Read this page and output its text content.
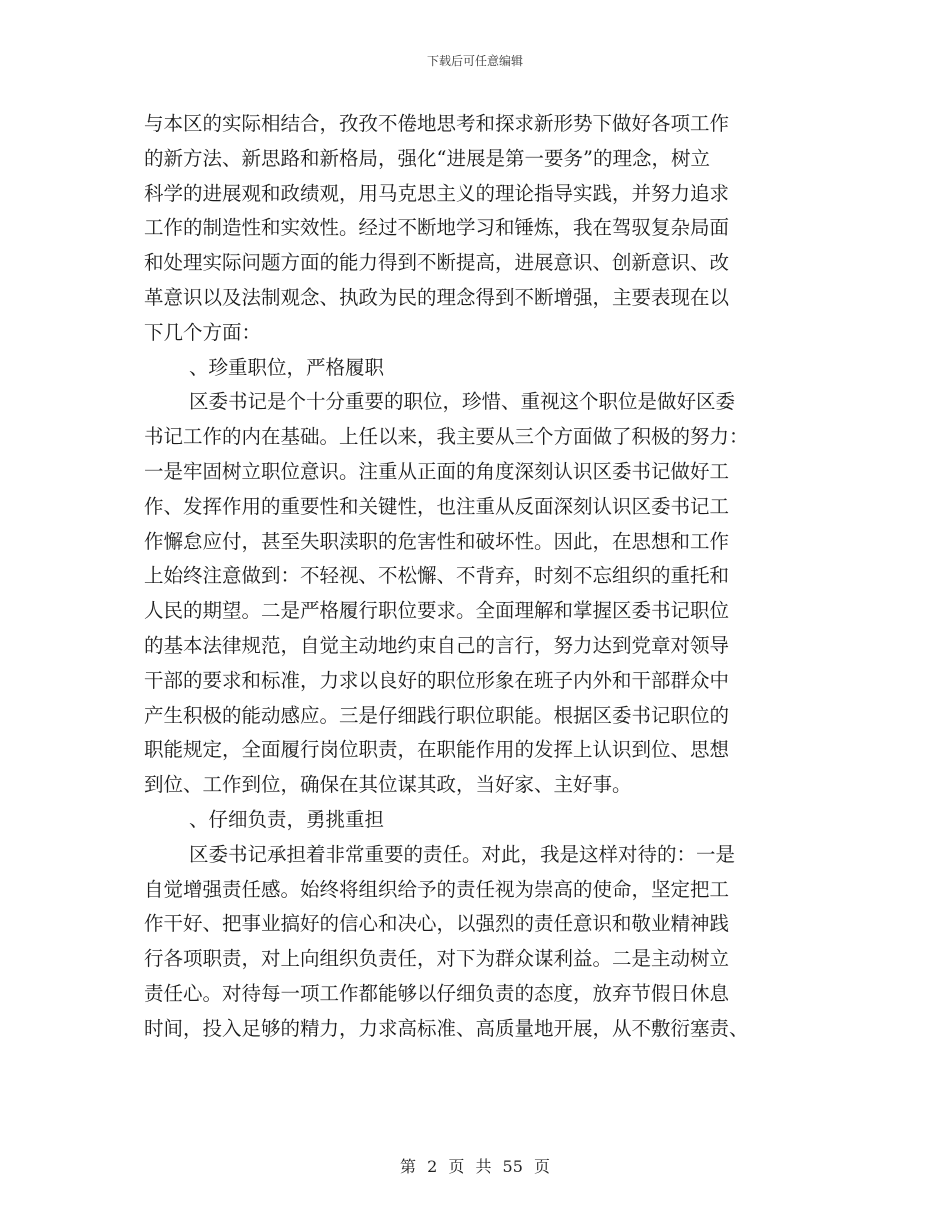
下载后可任意编辑
与本区的实际相结合，孜孜不倦地思考和探求新形势下做好各项工作
的新方法、新思路和新格局，强化“进展是第一要务”的理念，树立
科学的进展观和政绩观，用马克思主义的理论指导实践，并努力追求
工作的制造性和实效性。经过不断地学习和锤炼，我在驾驭复杂局面
和处理实际问题方面的能力得到不断提高，进展意识、创新意识、改
革意识以及法制观念、执政为民的理念得到不断增强，主要表现在以
下几个方面：
、珍重职位，严格履职
区委书记是个十分重要的职位，珍惜、重视这个职位是做好区委
书记工作的内在基础。上任以来，我主要从三个方面做了积极的努力：
一是牢固树立职位意识。注重从正面的角度深刻认识区委书记做好工
作、发挥作用的重要性和关键性，也注重从反面深刻认识区委书记工
作懈怠应付，甚至失职渎职的危害性和破坏性。因此，在思想和工作
上始终注意做到：不轻视、不松懈、不背弃，时刻不忘组织的重托和
人民的期望。二是严格履行职位要求。全面理解和掌握区委书记职位
的基本法律规范，自觉主动地约束自己的言行，努力达到党章对领导
干部的要求和标准，力求以良好的职位形象在班子内外和干部群众中
产生积极的能动感应。三是仔细践行职位职能。根据区委书记职位的
职能规定，全面履行岗位职责，在职能作用的发挥上认识到位、思想
到位、工作到位，确保在其位谋其政，当好家、主好事。
、仔细负责，勇挑重担
区委书记承担着非常重要的责任。对此，我是这样对待的：一是
自觉增强责任感。始终将组织给予的责任视为崇高的使命，坚定把工
作干好、把事业搞好的信心和决心，以强烈的责任意识和敬业精神践
行各项职责，对上向组织负责任，对下为群众谋利益。二是主动树立
责任心。对待每一项工作都能够以仔细负责的态度，放弃节假日休息
时间，投入足够的精力，力求高标准、高质量地开展，从不敷衍塞责、
第 2 页 共 55 页
